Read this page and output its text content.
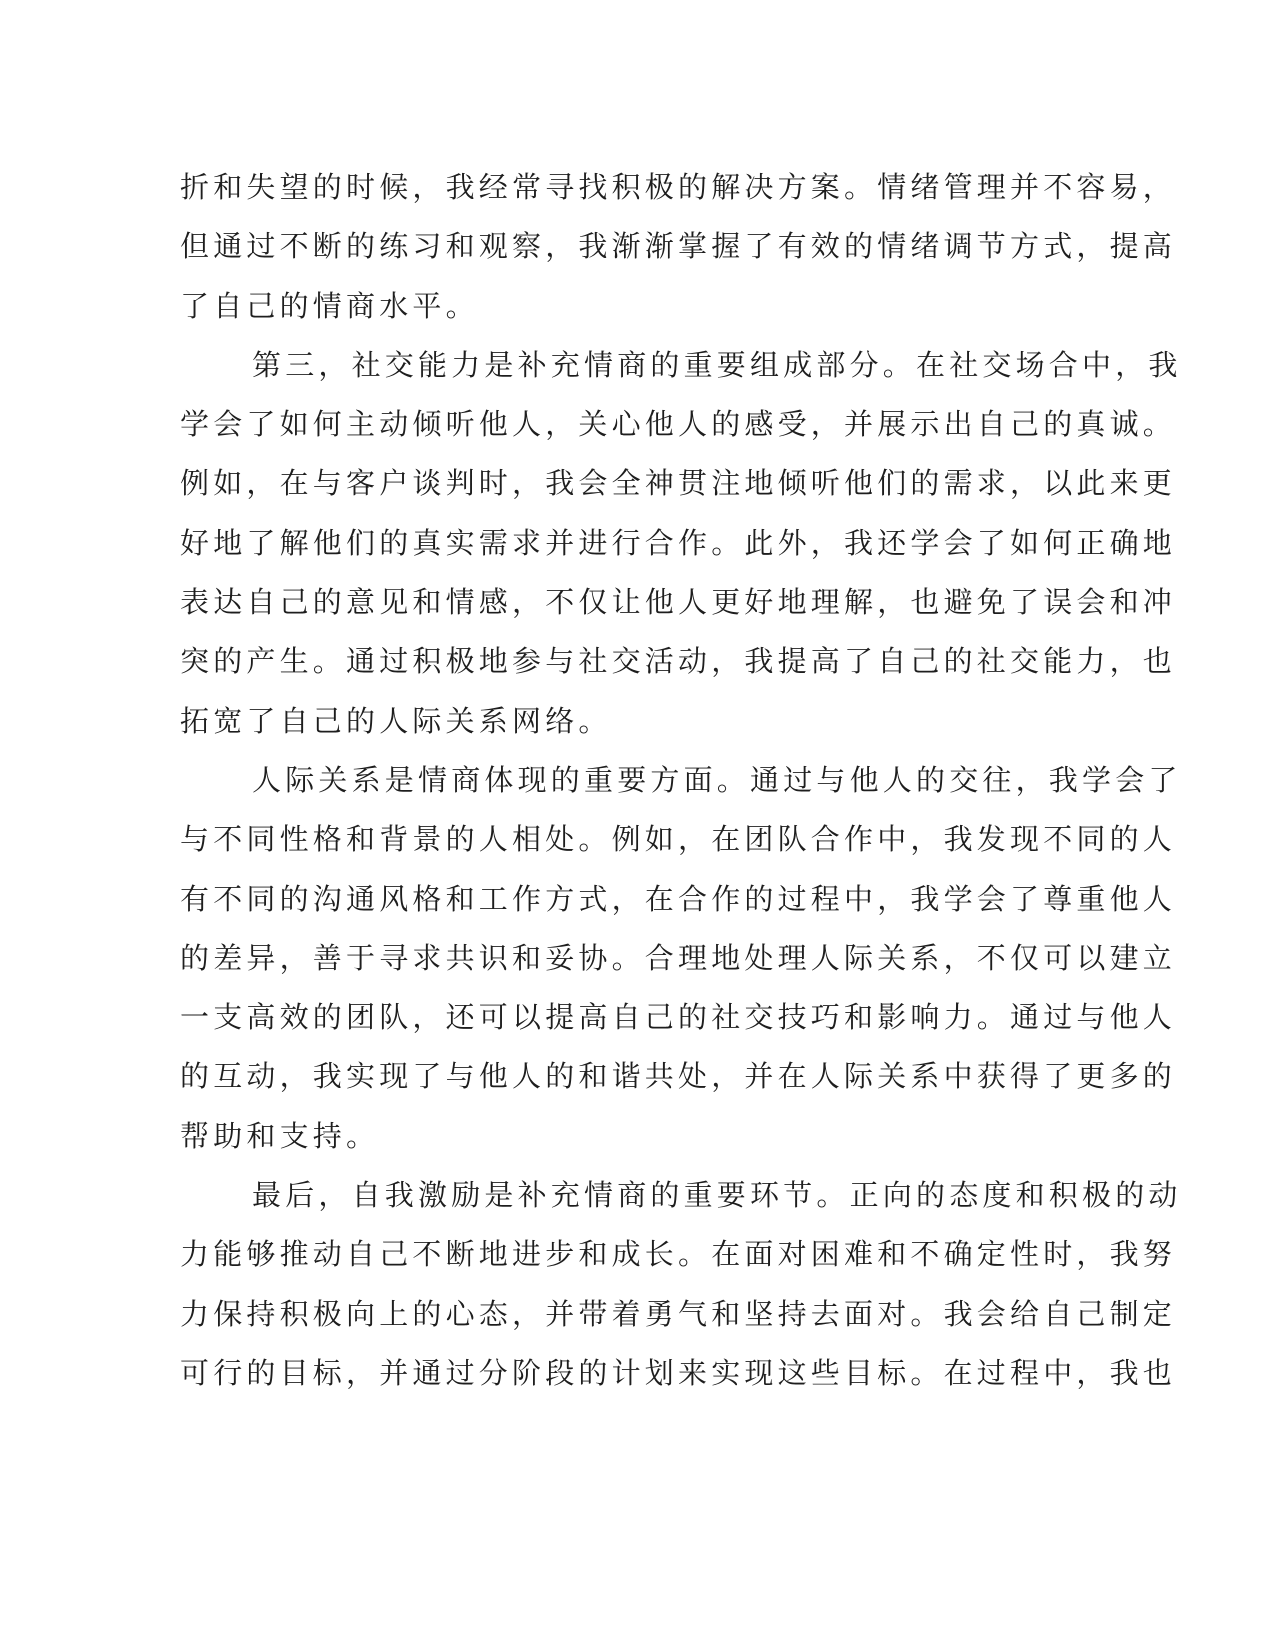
折和失望的时候，我经常寻找积极的解决方案。情绪管理并不容易，
但通过不断的练习和观察，我渐渐掌握了有效的情绪调节方式，提高
了自己的情商水平。
第三，社交能力是补充情商的重要组成部分。在社交场合中，我
学会了如何主动倾听他人，关心他人的感受，并展示出自己的真诚。
例如，在与客户谈判时，我会全神贯注地倾听他们的需求，以此来更
好地了解他们的真实需求并进行合作。此外，我还学会了如何正确地
表达自己的意见和情感，不仅让他人更好地理解，也避免了误会和冲
突的产生。通过积极地参与社交活动，我提高了自己的社交能力，也
拓宽了自己的人际关系网络。
人际关系是情商体现的重要方面。通过与他人的交往，我学会了
与不同性格和背景的人相处。例如，在团队合作中，我发现不同的人
有不同的沟通风格和工作方式，在合作的过程中，我学会了尊重他人
的差异，善于寻求共识和妥协。合理地处理人际关系，不仅可以建立
一支高效的团队，还可以提高自己的社交技巧和影响力。通过与他人
的互动，我实现了与他人的和谐共处，并在人际关系中获得了更多的
帮助和支持。
最后，自我激励是补充情商的重要环节。正向的态度和积极的动
力能够推动自己不断地进步和成长。在面对困难和不确定性时，我努
力保持积极向上的心态，并带着勇气和坚持去面对。我会给自己制定
可行的目标，并通过分阶段的计划来实现这些目标。在过程中，我也
